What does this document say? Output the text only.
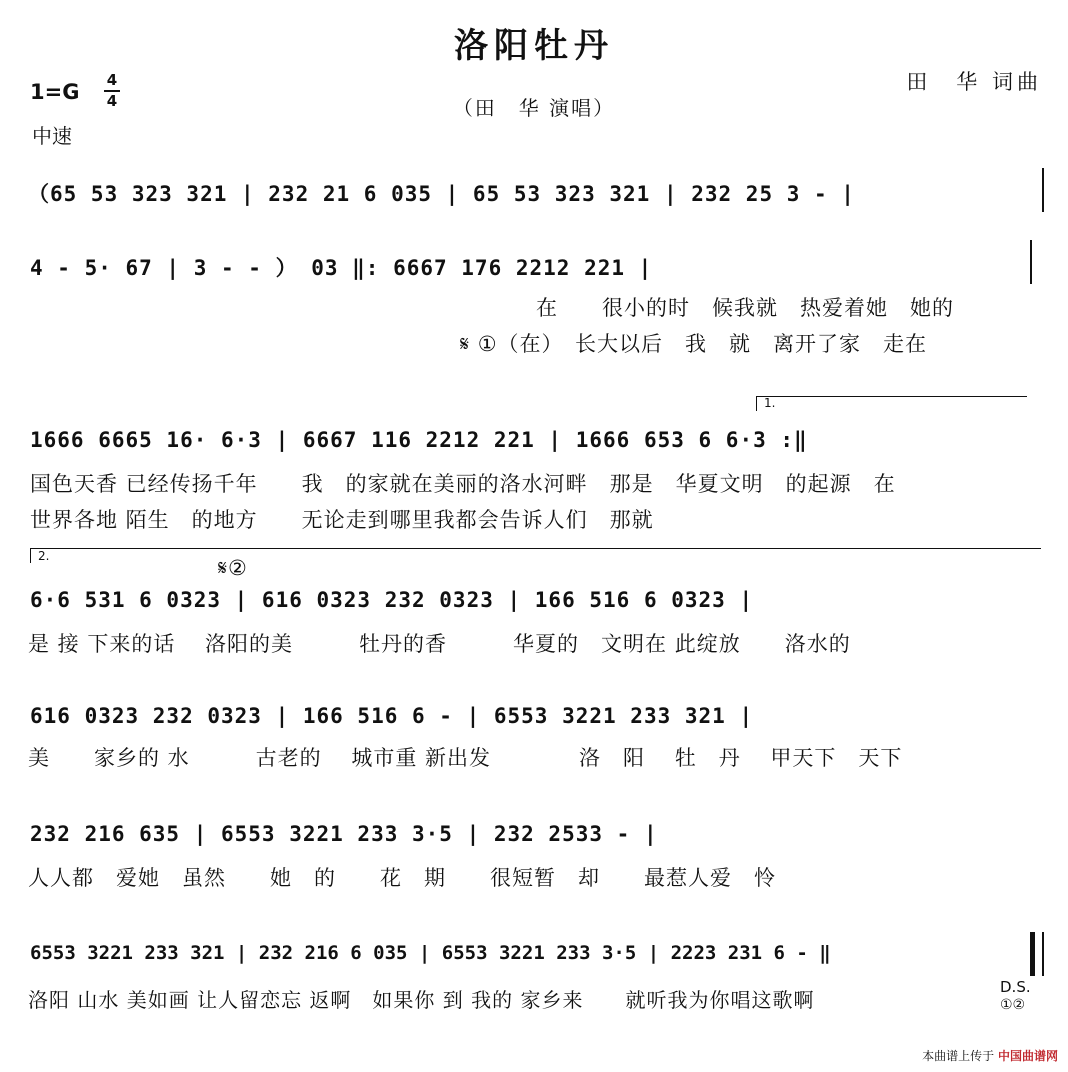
洛阳牡丹
（田　华 演唱）
田　华 词曲
1=G 4
4
中速
（65 53 323 321 | 232 21 6 035 | 65 53 323 321 | 232 25 3 - |
4 - 5· 67 | 3 - - ） 03 ‖: 6667 176 2212 221 |
在　　很小的时　候我就　热爱着她　她的
𝄋 ①（在）　长大以后　我　就　离开了家　走在
1.
1666 6665 16· 6·3 | 6667 116 2212 221 | 1666 653 6 6·3 :‖
国色天香 已经传扬千年　　我　的家就在美丽的洛水河畔　那是　华夏文明　的起源　在
世界各地 陌生　的地方　　无论走到哪里我都会告诉人们　那就
2.	𝄋②
6·6 531 6 0323 | 616 0323 232 0323 | 166 516 6 0323 |
是 接 下来的话　 洛阳的美　　　牡丹的香　　　华夏的　文明在 此绽放　　洛水的
616 0323 232 0323 | 166 516 6 - | 6553 3221 233 321 |
美　　家乡的 水　　　古老的　 城市重 新出发　　　　洛　阳　 牡　丹　 甲天下　天下
232 216 635 | 6553 3221 233 3·5 | 232 2533 - |
人人都　爱她　虽然　　她　的　　花　期　　很短暂　却　　最惹人爱　怜
6553 3221 233 321 | 232 216 6 035 | 6553 3221 233 3·5 | 2223 231 6 - ‖
洛阳 山水 美如画 让人留恋忘 返啊　如果你 到 我的 家乡来　　就听我为你唱这歌啊
D.S.
①②
本曲谱上传于 中国曲谱网
